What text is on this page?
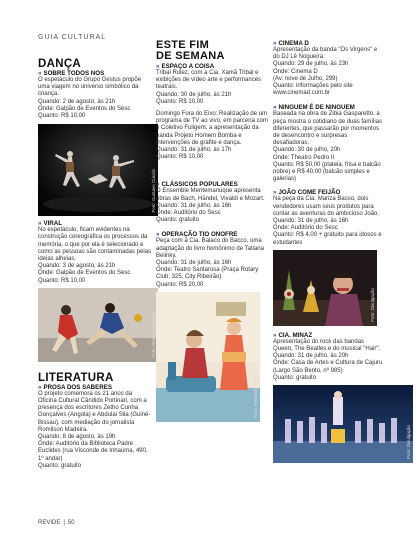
GUIA CULTURAL
DANÇA
» SOBRE TODOS NOS
O espetáculo do Grupo Gestus propõe uma viagem no universo simbólico da criança.
Quando: 2 de agosto, às 21h
Onde: Galpão de Eventos do Sesc
Quanto: R$ 10,00
Foto: Gustavo Cúcolo
» VIRAL
No espetáculo, ficam evidentes na construção coreográfica os processos da memória, o que por ela é selecionado e como as pessoas são contaminadas pelas ideias alheias.
Quando: 3 de agosto, às 21h
Onde: Galpão de Eventos do Sesc
Quanto: R$ 10,00
Foto: Renato Mangolin
LITERATURA
» PROSA DOS SABERES
O projeto comemora os 21 anos da Oficina Cultural Cândido Portinari, com a presença dos escritores Zetho Cunha Gonçalves (Angola) e Abdulai Sila (Guiné-Bissau), com mediação do jornalista Romilson Madeira.
Quando: 8 de agosto, às 19h
Onde: Auditório da Biblioteca Padre Euclides (rua Visconde de Inhaúma, 490, 1º andar)
Quanto: gratuito
ESTE FIM
DE SEMANA
» ESPAÇO A COISA
Tribal Rulez, com a Cia. Xamã Tribal e exibições de vídeo arte e performances teatrais.
Quando: 30 de julho, às 21h
Quanto: R$ 10,00
Domingo Fora do Eixo: Realização de um programa de TV ao vivo, em parceria com o Coletivo Fuligem, a apresentação da banda Projeto Homem Bomba e intervenções de grafite e dança.
Quando: 31 de julho, às 17h
Quanto: R$ 10,00
» CLÁSSICOS POPULARES
O Ensemble Mentemanuque apresenta obras de Bach, Händel, Vivaldi e Mozart.
Quando: 31 de julho, às 16h
Onde: Auditório do Sesc
Quanto: gratuito
» OPERAÇÃO TIO ONOFRE
Peça com a Cia. Balaco do Bacco, uma adaptação do livro homônimo de Tatiana Belinky.
Quando: 31 de julho, às 16h
Onde: Teatro Santarosa (Praça Rotary Club, 325, City Ribeirão)
Quanto: R$ 20,00
Foto: Fernando Stênie
» CINEMA D
Apresentação da banda "Os Virgens" e do DJ Lê Nogueira.
Quando: 29 de julho, às 23h
Onde: Cinema D
(Av. nove de Julho, 299)
Quanto: informações pelo site
www.cinemad.com.br
» NINGUEM É DE NINGUEM
Baseada na obra de Zibia Gasparetto, a peça mostra o cotidiano de duas famílias diferentes, que passarão por momentos de desencontro e surpresas desafiadoras.
Quando: 30 de julho, 20h
Onde: Theatro Pedro II
Quanto: R$ 50,00 (plateia, frisa e balcão nobre) e R$ 40,00 (balcão simples e galerias)
» JOÃO COME FEIJÃO
Na peça da Cia. Mariza Basso, dois vendedores usam seus produtos para contar as aventuras do ambicioso João.
Quando: 31 de julho, às 16h
Onde: Auditório do Sesc
Quanto: R$ 4,00 + gratuito para idosos e estudantes
Foto: Divulgação
» CIA. MINAZ
Apresentação do rock das bandas Queen, The Beatles e do musical "Hair".
Quando: 31 de julho, às 20h
Onde: Casa de Artes e Cultura de Cajuru (Largo São Bento, nº 985)
Quanto: gratuito
Foto: Divulgação
REVIDE | 50
